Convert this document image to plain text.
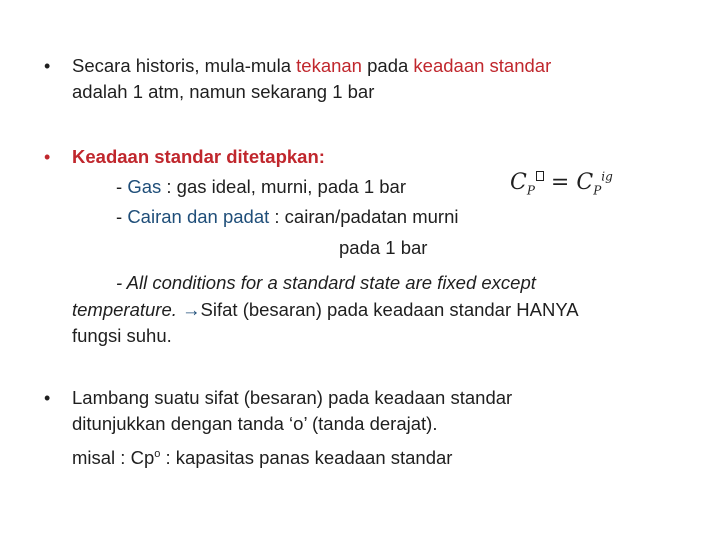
• Secara historis, mula-mula tekanan pada keadaan standar
adalah 1 atm, namun sekarang 1 bar
• Keadaan standar ditetapkan:
- Gas : gas ideal, murni, pada 1 bar	$C_P = C_P^{ig}$
- Cairan dan padat : cairan/padatan murni
pada 1 bar
- All conditions for a standard state are fixed except
temperature. →Sifat (besaran) pada keadaan standar HANYA
fungsi suhu.
• Lambang suatu sifat (besaran) pada keadaan standar
ditunjukkan dengan tanda ‘o’ (tanda derajat).
misal : Cp$^o$ : kapasitas panas keadaan standar
